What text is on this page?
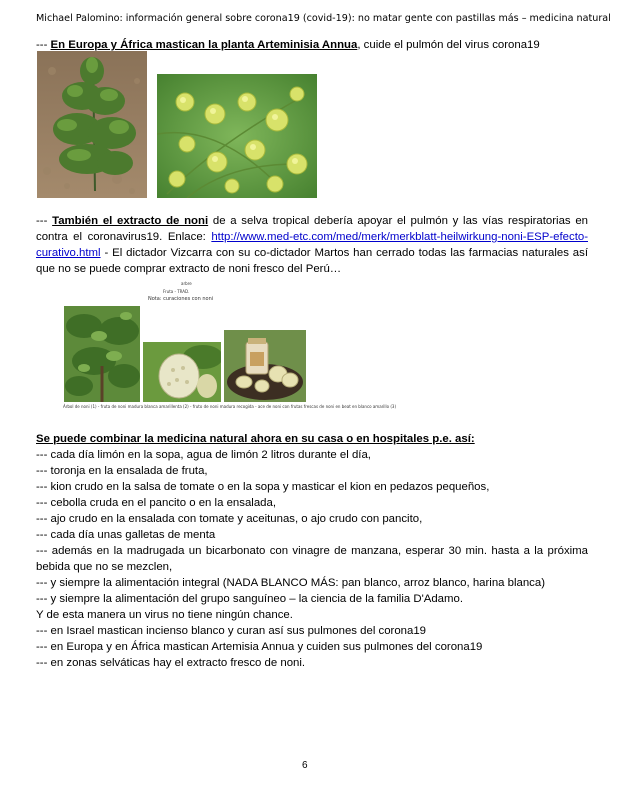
Michael Palomino: información general sobre corona19 (covid-19): no matar gente con pastillas más – medicina natural
--- En Europa y África mastican la planta Arteminisia Annua, cuide el pulmón del virus corona19
--- También el extracto de noni de a selva tropical debería apoyar el pulmón y las vías respiratorias en contra el coronavirus19. Enlace: http://www.med-etc.com/med/merk/merkblatt-heilwirkung-noni-ESP-efecto-curativo.html - El dictador Vizcarra con su co-dictador Martos han cerrado todas las farmacias naturales así que no se puede comprar extracto de noni fresco del Perú…
arbre
Fruta - TRAD.
Nota: curaciones con noni
Árbol de noni (1) - fruta de noni madura blanca amarillenta (2) - fruto de noni madura recogida - ace de noni con frutas frescas de noni en beat en blanco amarillo (3)
Se puede combinar la medicina natural ahora en su casa o en hospitales p.e. así:
--- cada día limón en la sopa, agua de limón 2 litros durante el día,
--- toronja en la ensalada de fruta,
--- kion crudo en la salsa de tomate o en la sopa y masticar el kion en pedazos pequeños,
--- cebolla cruda en el pancito o en la ensalada,
--- ajo crudo en la ensalada con tomate y aceitunas, o ajo crudo con pancito,
--- cada día unas galletas de menta
--- además en la madrugada un bicarbonato con vinagre de manzana, esperar 30 min. hasta a la próxima bebida que no se mezclen,
--- y siempre la alimentación integral (NADA BLANCO MÁS: pan blanco, arroz blanco, harina blanca)
--- y siempre la alimentación del grupo sanguíneo – la ciencia de la familia D'Adamo.
Y de esta manera un virus no tiene ningún chance.
--- en Israel mastican incienso blanco y curan así sus pulmones del corona19
--- en Europa y en África mastican Artemisia Annua y cuiden sus pulmones del corona19
--- en zonas selváticas hay el extracto fresco de noni.
6
